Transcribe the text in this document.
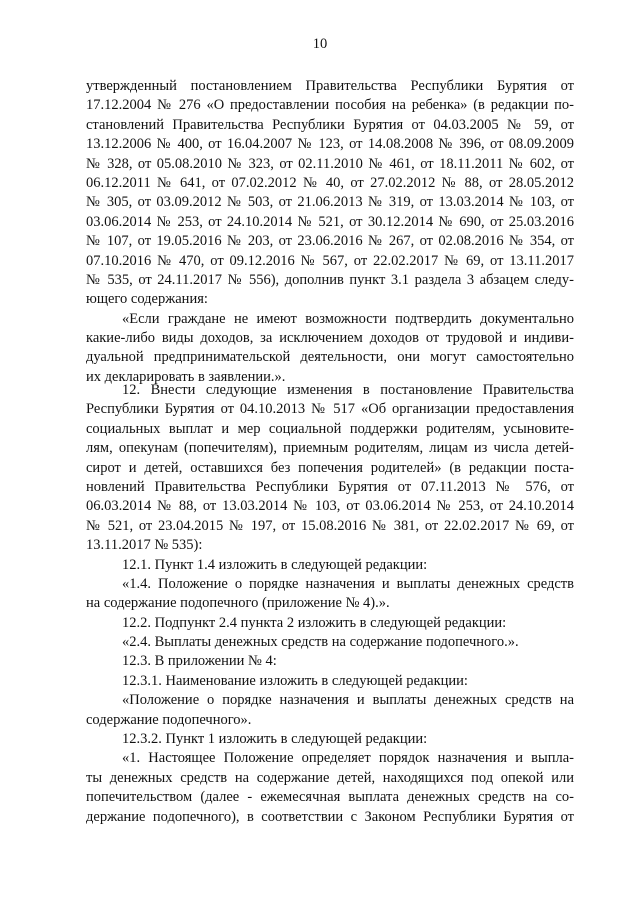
10
утвержденный постановлением Правительства Республики Бурятия от
17.12.2004 № 276 «О предоставлении пособия на ребенка» (в редакции по-
становлений Правительства Республики Бурятия от 04.03.2005 № 59, от
13.12.2006 № 400, от 16.04.2007 № 123, от 14.08.2008 № 396, от 08.09.2009
№ 328, от 05.08.2010 № 323, от 02.11.2010 № 461, от 18.11.2011 № 602, от
06.12.2011 № 641, от 07.02.2012 № 40, от 27.02.2012 № 88, от 28.05.2012
№ 305, от 03.09.2012 № 503, от 21.06.2013 № 319, от 13.03.2014 № 103, от
03.06.2014 № 253, от 24.10.2014 № 521, от 30.12.2014 № 690, от 25.03.2016
№ 107, от 19.05.2016 № 203, от 23.06.2016 № 267, от 02.08.2016 № 354, от
07.10.2016 № 470, от 09.12.2016 № 567, от 22.02.2017 № 69, от 13.11.2017
№ 535, от 24.11.2017 № 556), дополнив пункт 3.1 раздела 3 абзацем следу-
ющего содержания:
«Если граждане не имеют возможности подтвердить документально
какие-либо виды доходов, за исключением доходов от трудовой и индиви-
дуальной предпринимательской деятельности, они могут самостоятельно
их декларировать в заявлении.».
12. Внести следующие изменения в постановление Правительства
Республики Бурятия от 04.10.2013 № 517 «Об организации предоставления
социальных выплат и мер социальной поддержки родителям, усыновите-
лям, опекунам (попечителям), приемным родителям, лицам из числа детей-
сирот и детей, оставшихся без попечения родителей» (в редакции поста-
новлений Правительства Республики Бурятия от 07.11.2013 № 576, от
06.03.2014 № 88, от 13.03.2014 № 103, от 03.06.2014 № 253, от 24.10.2014
№ 521, от 23.04.2015 № 197, от 15.08.2016 № 381, от 22.02.2017 № 69, от
13.11.2017 № 535):
12.1. Пункт 1.4 изложить в следующей редакции:
«1.4. Положение о порядке назначения и выплаты денежных средств
на содержание подопечного (приложение № 4).».
12.2. Подпункт 2.4 пункта 2 изложить в следующей редакции:
«2.4. Выплаты денежных средств на содержание подопечного.».
12.3. В приложении № 4:
12.3.1. Наименование изложить в следующей редакции:
«Положение о порядке назначения и выплаты денежных средств на
содержание подопечного».
12.3.2. Пункт 1 изложить в следующей редакции:
«1. Настоящее Положение определяет порядок назначения и выпла-
ты денежных средств на содержание детей, находящихся под опекой или
попечительством (далее - ежемесячная выплата денежных средств на со-
держание подопечного), в соответствии с Законом Республики Бурятия от
